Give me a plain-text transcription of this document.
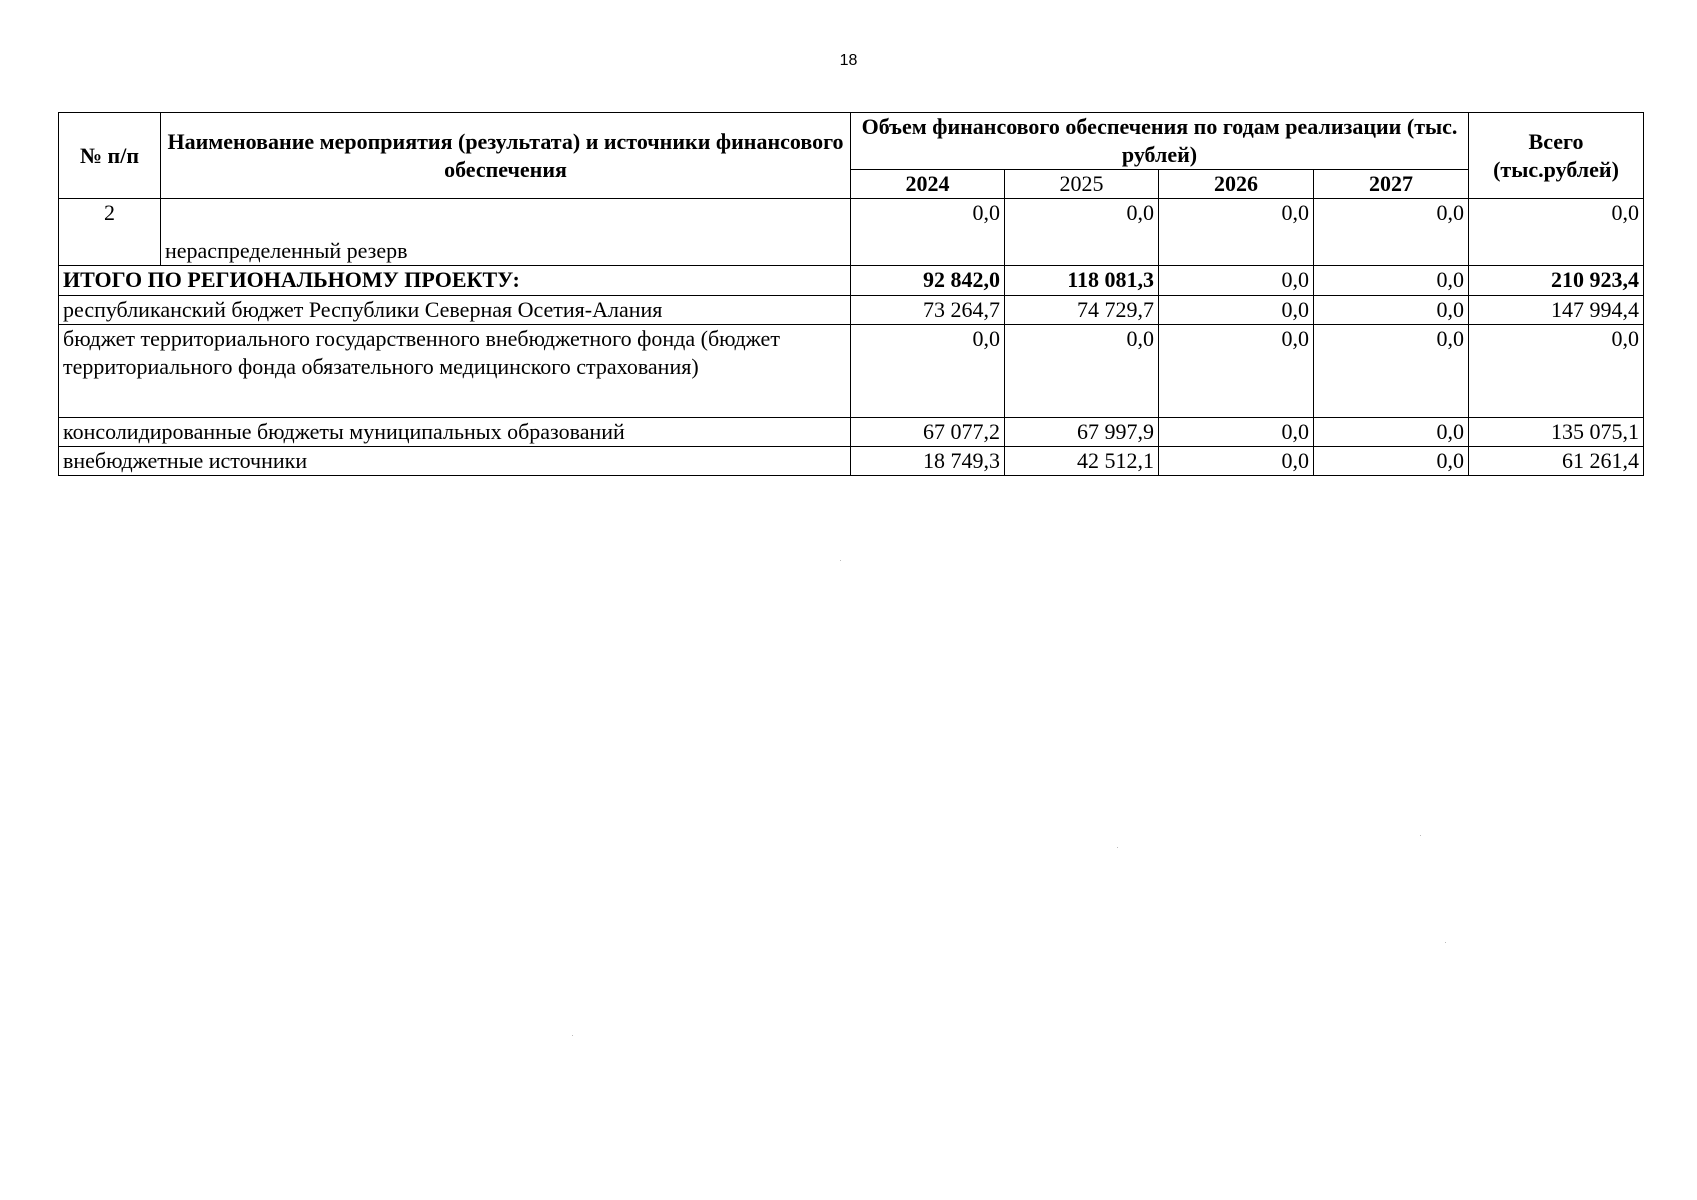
18
№ п/п	Наименование мероприятия (результата) и источники финансового обеспечения	Объем финансового обеспечения по годам реализации (тыс. рублей)				Всего (тыс.рублей)
		2024	2025	2026	2027	
2	нераспределенный резерв	0,0	0,0	0,0	0,0	0,0
ИТОГО ПО РЕГИОНАЛЬНОМУ ПРОЕКТУ:		92 842,0	118 081,3	0,0	0,0	210 923,4
республиканский бюджет Республики Северная Осетия-Алания		73 264,7	74 729,7	0,0	0,0	147 994,4
бюджет территориального государственного внебюджетного фонда (бюджет территориального фонда обязательного медицинского страхования)		0,0	0,0	0,0	0,0	0,0
консолидированные бюджеты муниципальных образований		67 077,2	67 997,9	0,0	0,0	135 075,1
внебюджетные источники		18 749,3	42 512,1	0,0	0,0	61 261,4
